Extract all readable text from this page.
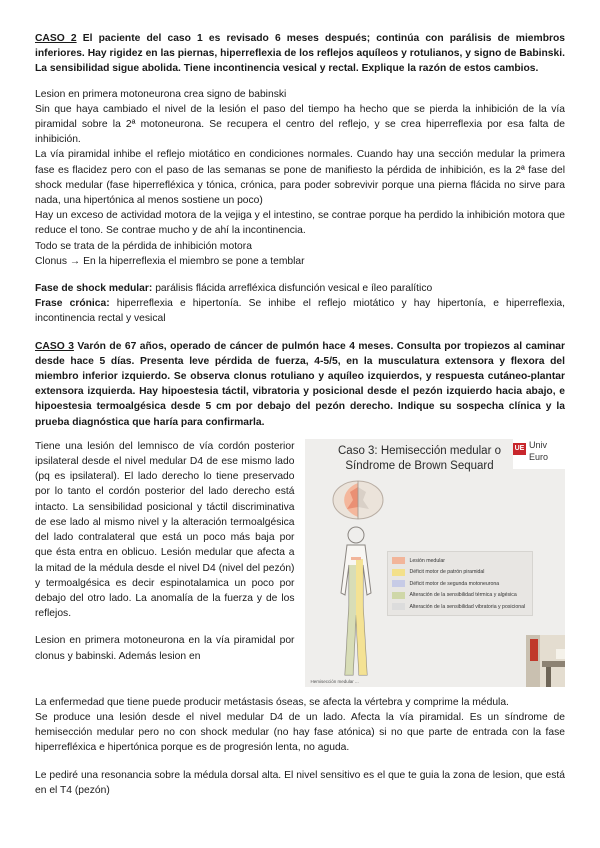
CASO 2 El paciente del caso 1 es revisado 6 meses después; continúa con parálisis de miembros inferiores. Hay rigidez en las piernas, hiperreflexia de los reflejos aquíleos y rotulianos, y signo de Babinski. La sensibilidad sigue abolida. Tiene incontinencia vesical y rectal. Explique la razón de estos cambios.

Lesion en primera motoneurona crea signo de babinski

Sin que haya cambiado el nivel de la lesión el paso del tiempo ha hecho que se pierda la inhibición de la vía piramidal sobre la 2ª motoneurona. Se recupera el centro del reflejo, y se crea hiperreflexia por esa falta de inhibición.

La vía piramidal inhibe el reflejo miotático en condiciones normales. Cuando hay una sección medular la primera fase es flacidez pero con el paso de las semanas se pone de manifiesto la pérdida de inhibición, es la 2ª fase del shock medular (fase hiperrefléxica y tónica, crónica, para poder sobrevivir porque una pierna flácida no sirve para nada, una hipertónica al menos sostiene un poco)

Hay un exceso de actividad motora de la vejiga y el intestino, se contrae porque ha perdido la inhibición motora que reduce el tono. Se contrae mucho y de ahí la incontinencia.

Todo se trata de la pérdida de inhibición motora

Clonus → En la hiperreflexia el miembro se pone a temblar

Fase de shock medular: parálisis flácida arrefléxica disfunción vesical e íleo paralítico

Frase crónica: hiperreflexia e hipertonía. Se inhibe el reflejo miotático y hay hipertonía, e hiperreflexia, incontinencia rectal y vesical

CASO 3 Varón de 67 años, operado de cáncer de pulmón hace 4 meses. Consulta por tropiezos al caminar desde hace 5 días. Presenta leve pérdida de fuerza, 4-5/5, en la musculatura extensora y flexora del miembro inferior izquierdo. Se observa clonus rotuliano y aquíleo izquierdos, y respuesta cutáneo-plantar extensora izquierda. Hay hipoestesia táctil, vibratoria y posicional desde el pezón izquierdo hacia abajo, e hipoestesia termoalgésica desde 5 cm por debajo del pezón derecho. Indique su sospecha clínica y la prueba diagnóstica que haría para confirmarla.

Tiene una lesión del lemnisco de vía cordón posterior ipsilateral desde el nivel medular D4 de ese mismo lado (pq es ipsilateral). El lado derecho lo tiene preservado por lo tanto el cordón posterior del lado derecho está intacto. La sensibilidad posicional y táctil discriminativa de ese lado al mismo nivel y la alteración termoalgésica del lado contralateral que está un poco más baja por que ésta entra en oblicuo. Lesión medular que afecta a la mitad de la médula desde el nivel D4 (nivel del pezón) y termoalgésica es decir espinotalamica un poco por debajo del otro lado. La anomalía de la fuerza y de los reflejos.

Lesion en primera motoneurona en la vía piramidal por clonus y babinski. Además lesion en

Caso 3: Hemisección medular o Síndrome de Brown Sequard
UE Univ
Euro
Lesión medular
Déficit motor de patrón piramidal
Déficit motor de segunda motoneurona
Alteración de la sensibilidad térmica y algésica
Alteración de la sensibilidad vibratoria y posicional
Hemisección medular ...

La enfermedad que tiene puede producir metástasis óseas, se afecta la vértebra y comprime la médula.

Se produce una lesión desde el nivel medular D4 de un lado. Afecta la vía piramidal. Es un síndrome de hemisección medular pero no con shock medular (no hay fase atónica) si no que parte de entrada con la fase hiperrefléxica e hipertónica porque es de progresión lenta, no aguda.

Le pediré una resonancia sobre la médula dorsal alta. El nivel sensitivo es el que te guia la zona de lesion, que está en el T4 (pezón)
